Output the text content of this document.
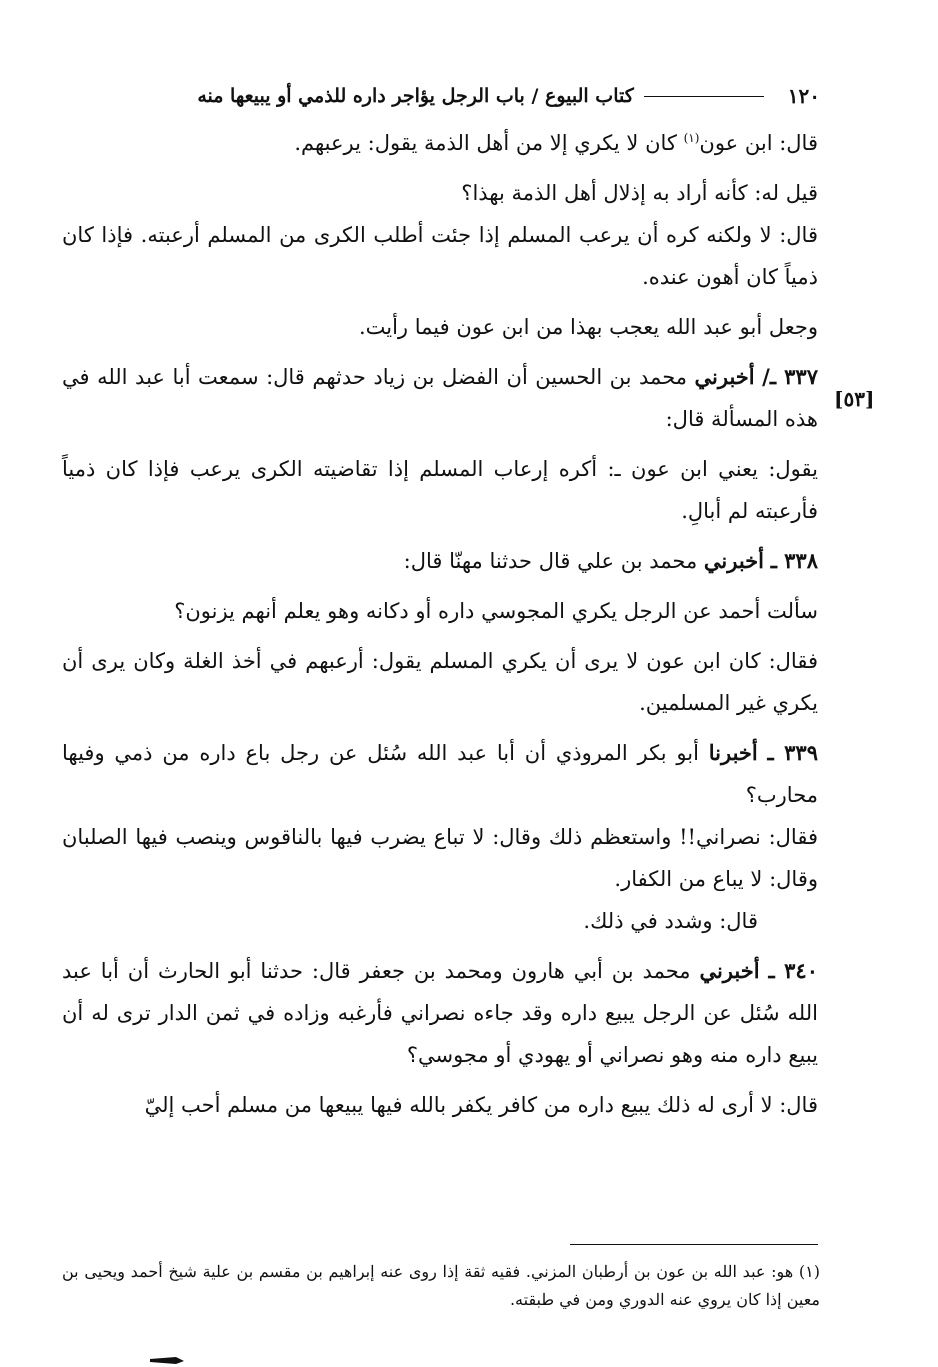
١٢٠
كتاب البيوع / باب الرجل يؤاجر داره للذمي أو يبيعها منه
[٥٣]

قال: ابن عون$^{(١)}$ كان لا يكري إلا من أهل الذمة يقول: يرعبهم.

قيل له: كأنه أراد به إذلال أهل الذمة بهذا؟

قال: لا ولكنه كره أن يرعب المسلم إذا جئت أطلب الكرى من المسلم أرعبته. فإذا كان ذمياً كان أهون عنده.

وجعل أبو عبد الله يعجب بهذا من ابن عون فيما رأيت.

٣٣٧ ـ/ أخبرني محمد بن الحسين أن الفضل بن زياد حدثهم قال: سمعت أبا عبد الله في هذه المسألة قال:

يقول: يعني ابن عون ـ: أكره إرعاب المسلم إذا تقاضيته الكرى يرعب فإذا كان ذمياً فأرعبته لم أبالِ.

٣٣٨ ـ أخبرني محمد بن علي قال حدثنا مهنّا قال:

سألت أحمد عن الرجل يكري المجوسي داره أو دكانه وهو يعلم أنهم يزنون؟

فقال: كان ابن عون لا يرى أن يكري المسلم يقول: أرعبهم في أخذ الغلة وكان يرى أن يكري غير المسلمين.

٣٣٩ ـ أخبرنا أبو بكر المروذي أن أبا عبد الله سُئل عن رجل باع داره من ذمي وفيها محارب؟

فقال: نصراني!! واستعظم ذلك وقال: لا تباع يضرب فيها بالناقوس وينصب فيها الصلبان وقال: لا يباع من الكفار.

قال: وشدد في ذلك.

٣٤٠ ـ أخبرني محمد بن أبي هارون ومحمد بن جعفر قال: حدثنا أبو الحارث أن أبا عبد الله سُئل عن الرجل يبيع داره وقد جاءه نصراني فأرغبه وزاده في ثمن الدار ترى له أن يبيع داره منه وهو نصراني أو يهودي أو مجوسي؟

قال: لا أرى له ذلك يبيع داره من كافر يكفر بالله فيها يبيعها من مسلم أحب إليّ

(١) هو: عبد الله بن عون بن أرطبان المزني. فقيه ثقة إذا روى عنه إبراهيم بن مقسم بن علية شيخ أحمد ويحيى بن معين إذا كان يروي عنه الدوري ومن في طبقته.
